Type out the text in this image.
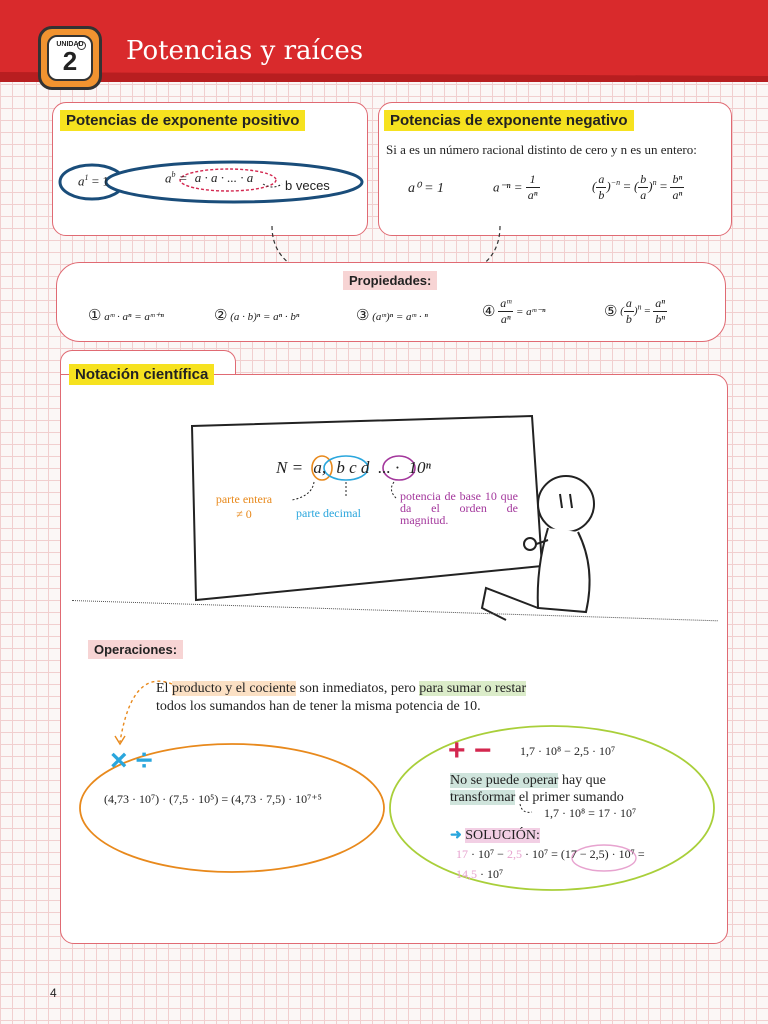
UNIDAD
2	Potencias y raíces
Potencias de exponente positivo
$a^1 = 1$	$a^b = a \cdot a$ · ... · a
b veces
Potencias de exponente negativo
Si a es un número racional distinto de cero y n es un entero:
a⁰ = 1	$a^{-n} = \frac{1}{\text{aⁿ}}$	( $\frac{a}{b} )^{-n}$ = ( $\frac{b}{a} )^n = \frac{\text{bⁿ}}{\text{aⁿ}}$
Propiedades:
① aᵐ · aⁿ = aᵐ⁺ⁿ	② (a · b)ⁿ = aⁿ · bⁿ	③ (aᵐ)ⁿ = aᵐ · ⁿ	④ $\frac{\text{aᵐ}}{\text{aⁿ}}$ = aᵐ⁻ⁿ	⑤ ( $\frac{a}{b} )^n = \frac{\text{aⁿ}}{\text{bⁿ}}$
Notación científica
N = a, b c d ... · 10ⁿ
parte entera
≠ 0	parte decimal
potencia de base 10 que da el orden de magnitud.
Operaciones:
El producto y el cociente son inmediatos, pero para sumar o restar
todos los sumandos han de tener la misma potencia de 10.
× ÷
(4,73 · 10⁷) · (7,5 · 10⁵) = (4,73 · 7,5) · 10⁷⁺⁵
+ − 1,7 · 10⁸ − 2,5 · 10⁷
No se puede operar hay que
transformar el primer sumando
1,7 · 10⁸ = 17 · 10⁷
➜ SOLUCIÓN:
17 · 10⁷ − 2,5 · 10⁷ = (17 − 2,5) · 10⁷ =
14,5 · 10⁷
4
